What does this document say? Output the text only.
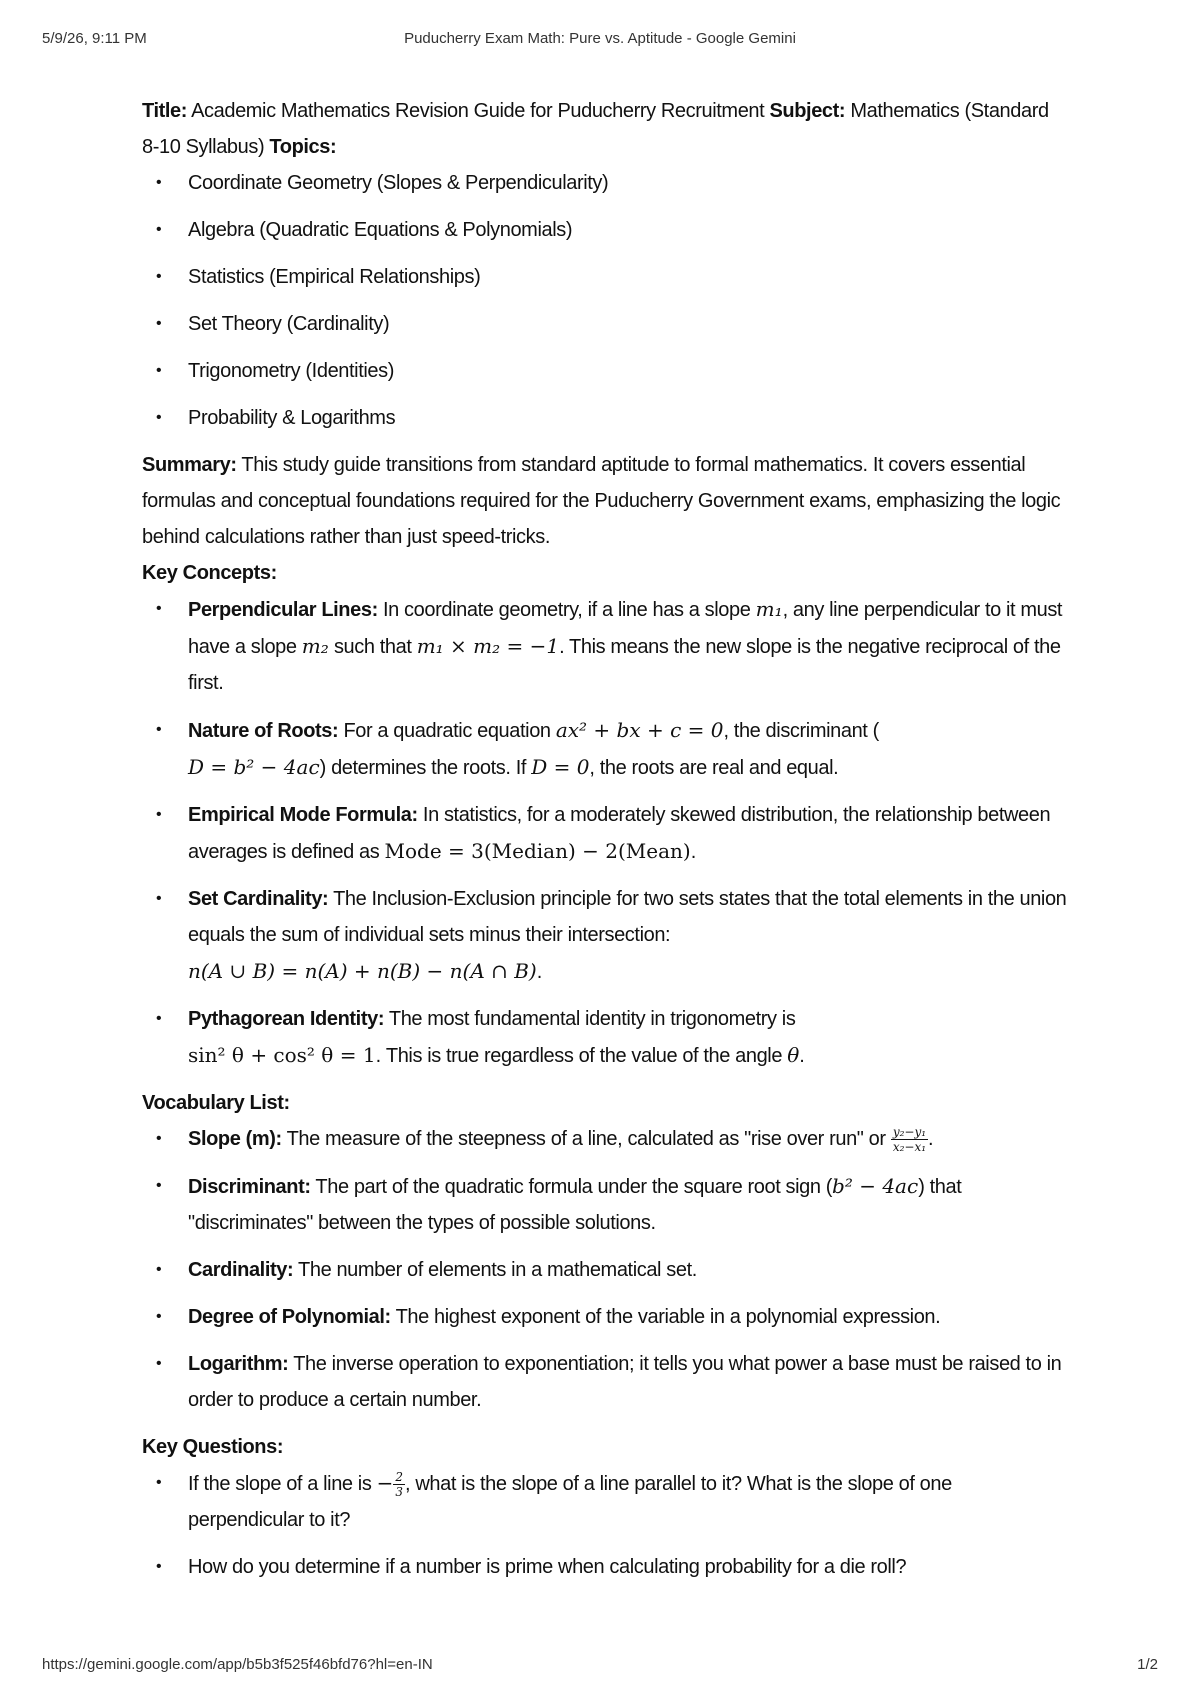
5/9/26, 9:11 PM	Puducherry Exam Math: Pure vs. Aptitude - Google Gemini

Title: Academic Mathematics Revision Guide for Puducherry Recruitment Subject: Mathematics (Standard 8-10 Syllabus) Topics:

• Coordinate Geometry (Slopes & Perpendicularity)
• Algebra (Quadratic Equations & Polynomials)
• Statistics (Empirical Relationships)
• Set Theory (Cardinality)
• Trigonometry (Identities)
• Probability & Logarithms

Summary: This study guide transitions from standard aptitude to formal mathematics. It covers essential formulas and conceptual foundations required for the Puducherry Government exams, emphasizing the logic behind calculations rather than just speed-tricks.

Key Concepts:

• Perpendicular Lines: In coordinate geometry, if a line has a slope m₁, any line perpendicular to it must have a slope m₂ such that m₁ × m₂ = −1. This means the new slope is the negative reciprocal of the first.
• Nature of Roots: For a quadratic equation ax² + bx + c = 0, the discriminant (
D = b² − 4ac) determines the roots. If D = 0, the roots are real and equal.
• Empirical Mode Formula: In statistics, for a moderately skewed distribution, the relationship between averages is defined as Mode = 3(Median) − 2(Mean).
• Set Cardinality: The Inclusion-Exclusion principle for two sets states that the total elements in the union equals the sum of individual sets minus their intersection:
n(A ∪ B) = n(A) + n(B) − n(A ∩ B).
• Pythagorean Identity: The most fundamental identity in trigonometry is
sin² θ + cos² θ = 1. This is true regardless of the value of the angle θ.

Vocabulary List:

• Slope (m): The measure of the steepness of a line, calculated as "rise over run" or $\frac{\text{y₂−y₁}}{\text{x₂−x₁}}$ .
• Discriminant: The part of the quadratic formula under the square root sign (b² − 4ac) that "discriminates" between the types of possible solutions.
• Cardinality: The number of elements in a mathematical set.
• Degree of Polynomial: The highest exponent of the variable in a polynomial expression.
• Logarithm: The inverse operation to exponentiation; it tells you what power a base must be raised to in order to produce a certain number.

Key Questions:

• If the slope of a line is − $\frac{2}{3}$ , what is the slope of a line parallel to it? What is the slope of one perpendicular to it?
• How do you determine if a number is prime when calculating probability for a die roll?
https://gemini.google.com/app/b5b3f525f46bfd76?hl=en-IN	1/2
